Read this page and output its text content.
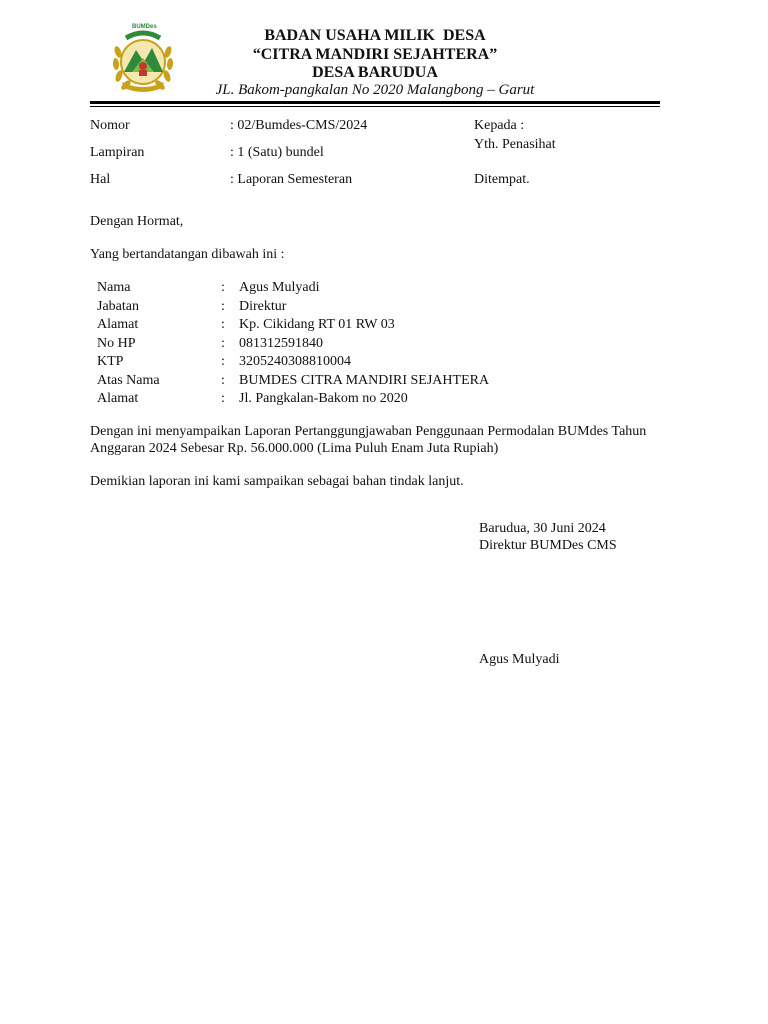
BUMDes	BADAN USAHA MILIK  DESA
“CITRA MANDIRI SEJAHTERA”
DESA BARUDUA
JL. Bakom-pangkalan No 2020 Malangbong – Garut
Nomor	: 02/Bumdes-CMS/2024
Lampiran	: 1 (Satu) bundel
Hal	: Laporan Semesteran
Kepada :
Yth. Penasihat
Ditempat.
Dengan Hormat,
Yang bertandatangan dibawah ini :
Nama	:	Agus Mulyadi
Jabatan	:	Direktur
Alamat	:	Kp. Cikidang RT 01 RW 03
No HP	:	081312591840
KTP	:	3205240308810004
Atas Nama	:	BUMDES CITRA MANDIRI SEJAHTERA
Alamat	:	Jl. Pangkalan-Bakom no 2020
Dengan ini menyampaikan Laporan Pertanggungjawaban Penggunaan Permodalan BUMdes Tahun
Anggaran 2024 Sebesar Rp. 56.000.000 (Lima Puluh Enam Juta Rupiah)
Demikian laporan ini kami sampaikan sebagai bahan tindak lanjut.
Barudua, 30 Juni 2024
Direktur BUMDes CMS
Agus Mulyadi
